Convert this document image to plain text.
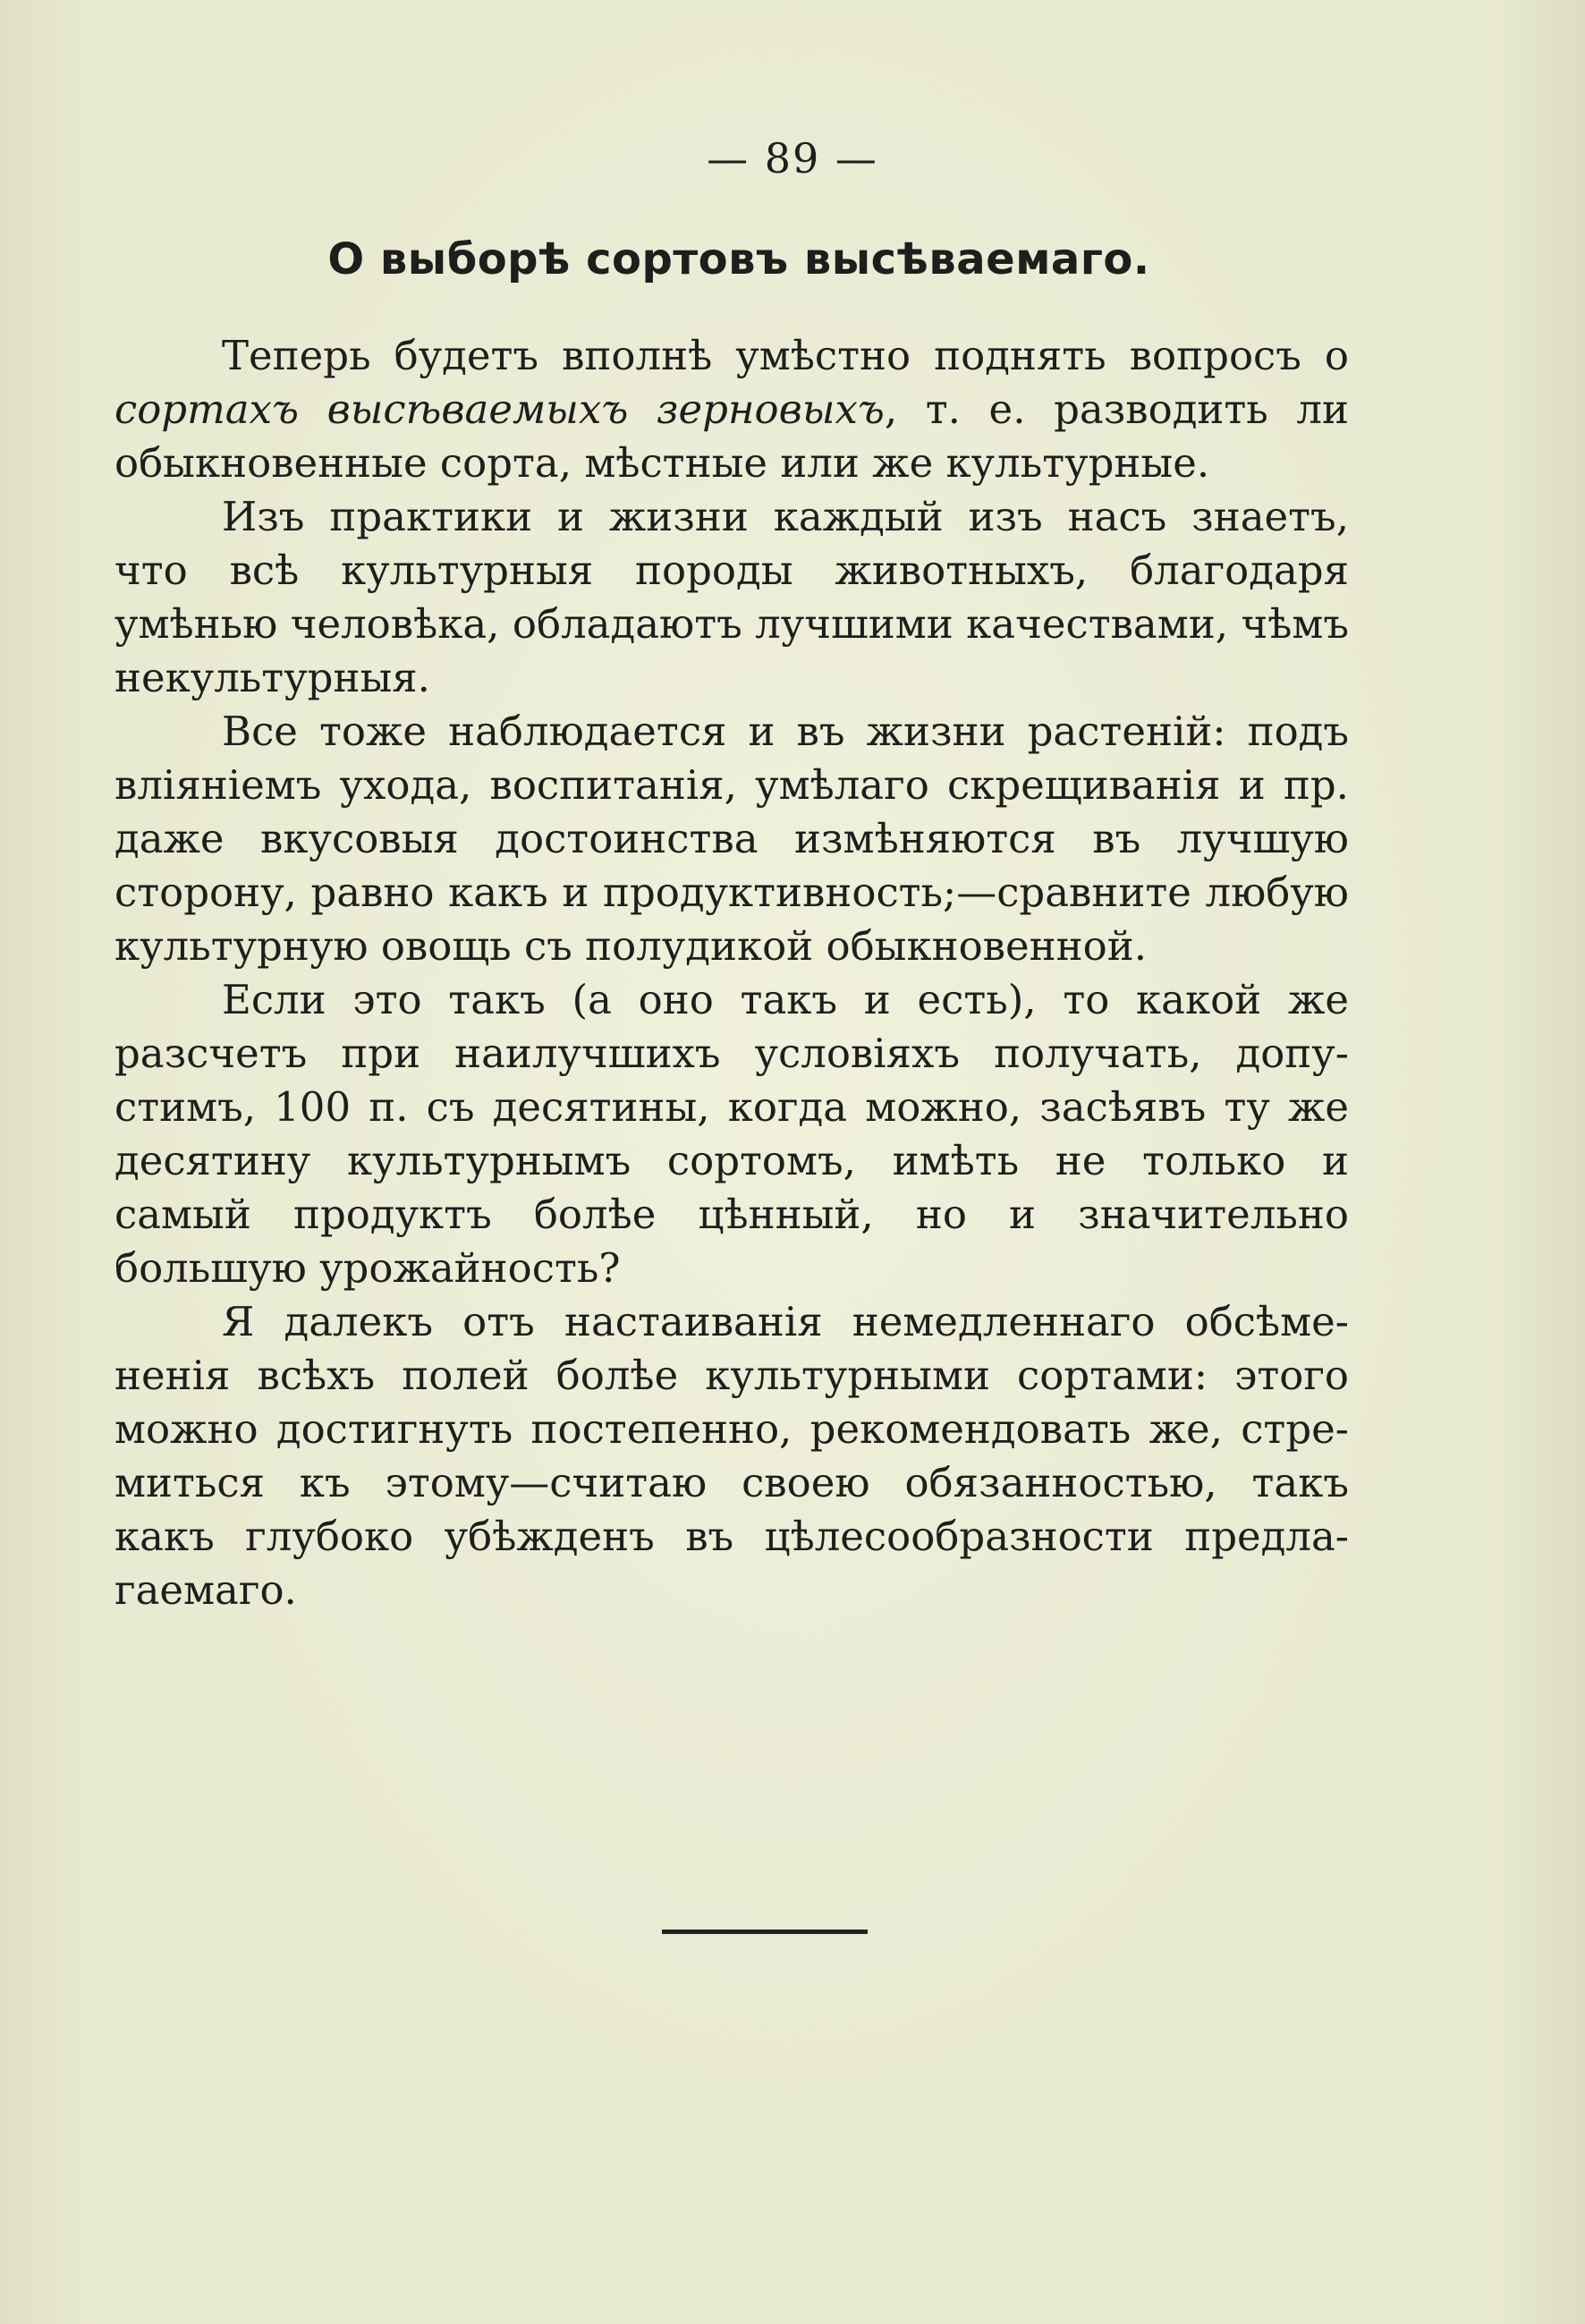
— 89 —
О выборѣ сортовъ высѣваемаго.

Теперь будетъ вполнѣ умѣстно поднять вопросъ о сортахъ высѣваемыхъ зерновыхъ, т. е. разводить ли обыкновенные сорта, мѣстные или же культурные.

Изъ практики и жизни каждый изъ насъ знаетъ, что всѣ культурныя породы животныхъ, благодаря умѣнью человѣка, обладаютъ лучшими качествами, чѣмъ некультурныя.

Все тоже наблюдается и въ жизни растеній: подъ вліяніемъ ухода, воспитанія, умѣлаго скрещиванія и пр. даже вкусовыя достоинства измѣняются въ лучшую сторону, равно какъ и продуктивность;—сравните любую культурную овощь съ полудикой обыкновенной.

Если это такъ (а оно такъ и есть), то какой же разсчетъ при наилучшихъ условіяхъ получать, допустимъ, 100 п. съ десятины, когда можно, засѣявъ ту же десятину культурнымъ сортомъ, имѣть не только и самый продуктъ болѣе цѣнный, но и значительно большую урожайность?

Я далекъ отъ настаиванія немедленнаго обсѣмененія всѣхъ полей болѣе культурными сортами: этого можно достигнуть постепенно, рекомендовать же, стремиться къ этому—считаю своею обязанностью, такъ какъ глубоко убѣжденъ въ цѣлесообразности предлагаемаго.
